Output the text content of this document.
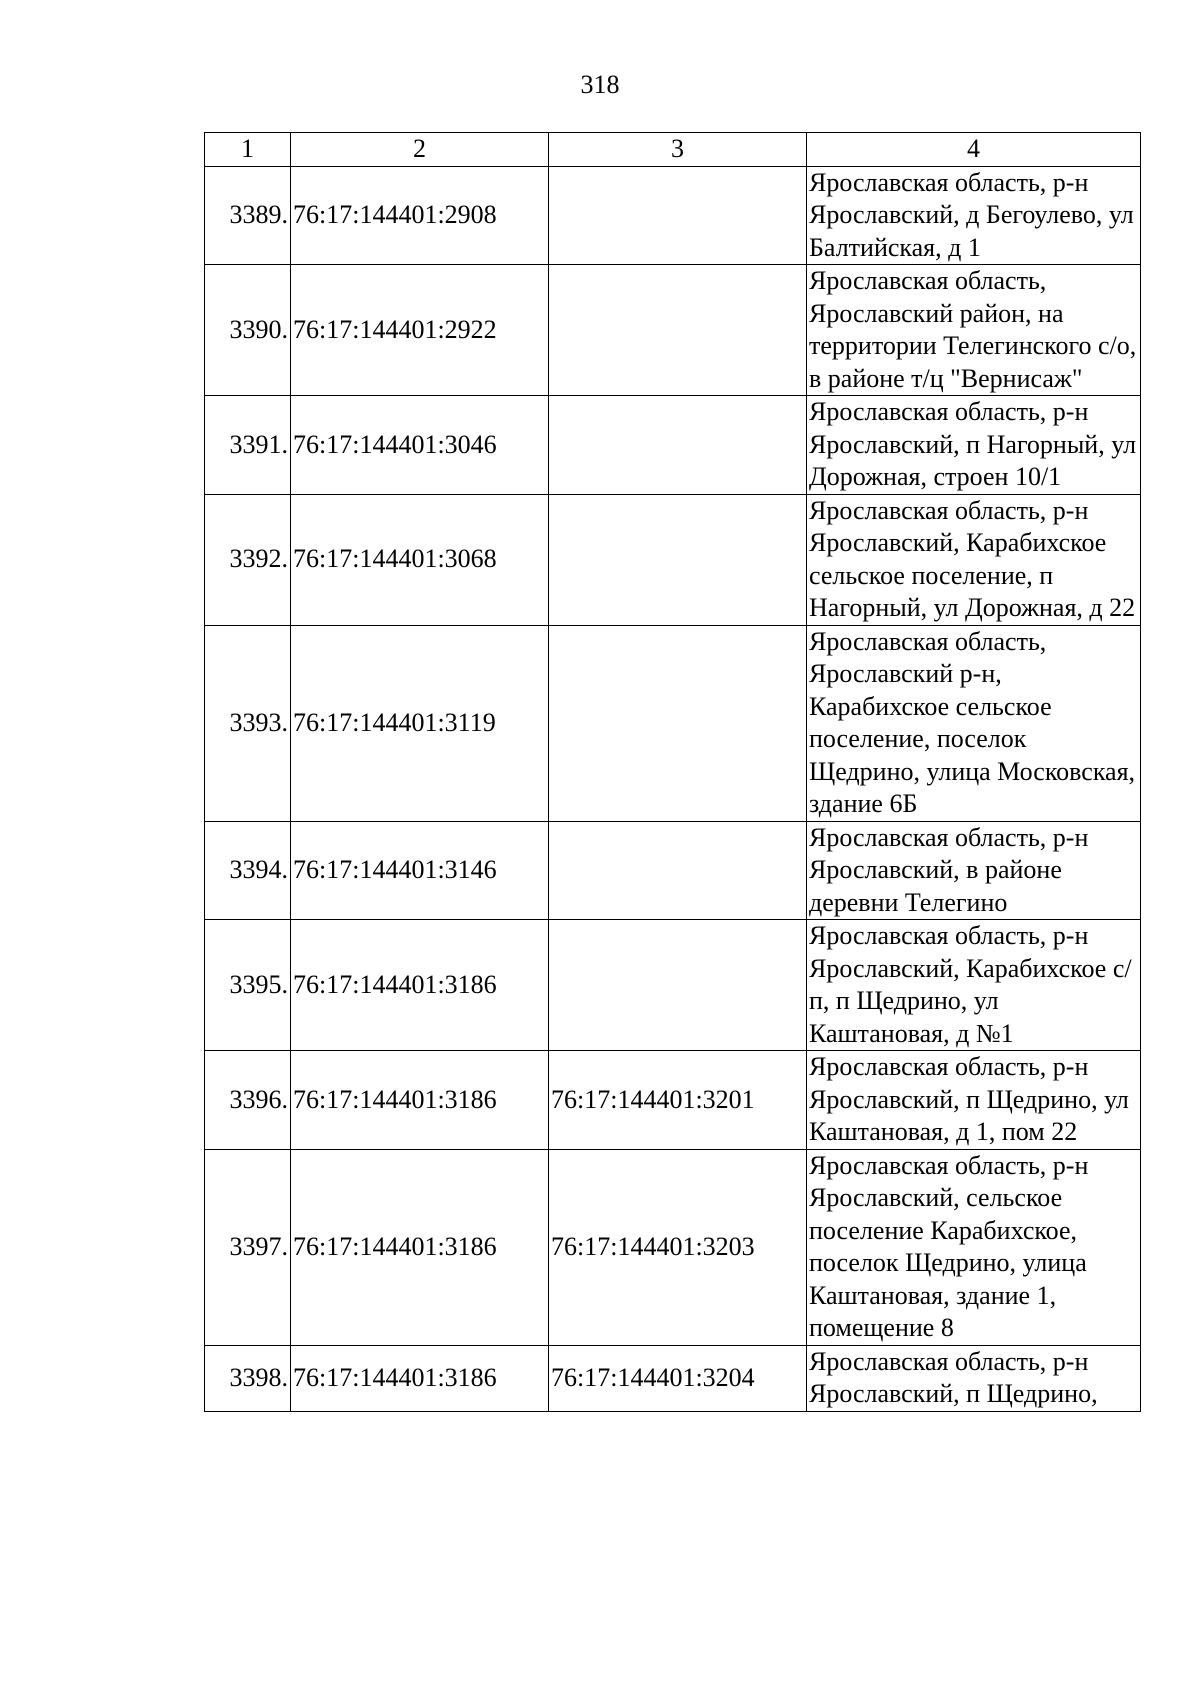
318
1	2	3	4
3389.	76:17:144401:2908		Ярославская область, р-н Ярославский, д Бегоулево, ул Балтийская, д 1
3390.	76:17:144401:2922		Ярославская область, Ярославский район, на территории Телегинского с/о, в районе т/ц "Вернисаж"
3391.	76:17:144401:3046		Ярославская область, р-н Ярославский, п Нагорный, ул Дорожная, строен 10/1
3392.	76:17:144401:3068		Ярославская область, р-н Ярославский, Карабихское сельское поселение, п Нагорный, ул Дорожная, д 22
3393.	76:17:144401:3119		Ярославская область, Ярославский р-н, Карабихское сельское поселение, поселок Щедрино, улица Московская, здание 6Б
3394.	76:17:144401:3146		Ярославская область, р-н Ярославский, в районе деревни Телегино
3395.	76:17:144401:3186		Ярославская область, р-н Ярославский, Карабихское с/п, п Щедрино, ул Каштановая, д №1
3396.	76:17:144401:3186	76:17:144401:3201	Ярославская область, р-н Ярославский, п Щедрино, ул Каштановая, д 1, пом 22
3397.	76:17:144401:3186	76:17:144401:3203	Ярославская область, р-н Ярославский, сельское поселение Карабихское, поселок Щедрино, улица Каштановая, здание 1, помещение 8
3398.	76:17:144401:3186	76:17:144401:3204	Ярославская область, р-н Ярославский, п Щедрино,
